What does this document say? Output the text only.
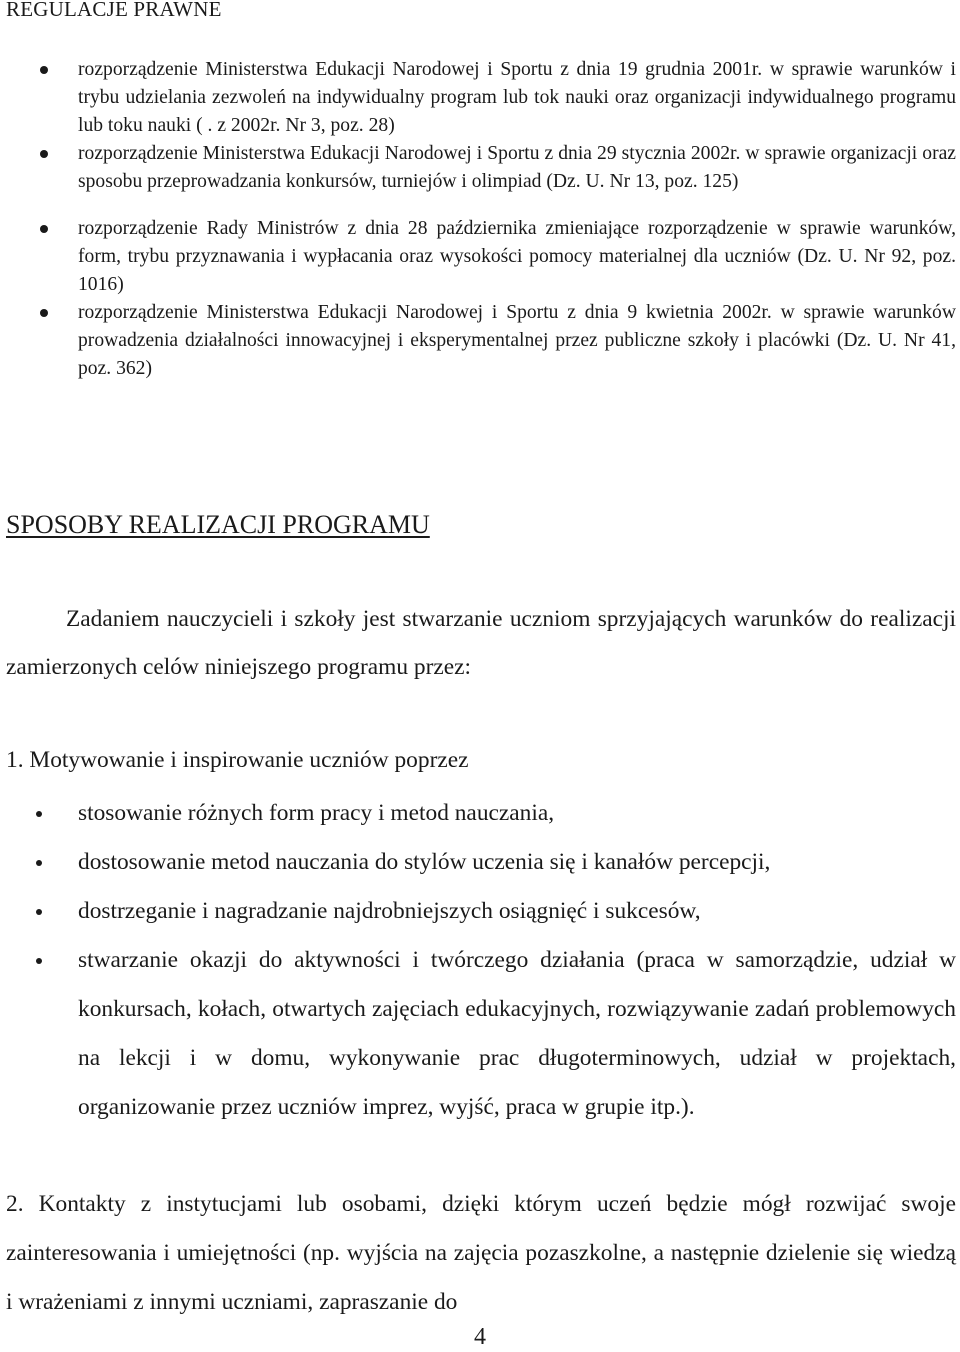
REGULACJE PRAWNE
rozporządzenie Ministerstwa Edukacji Narodowej i Sportu z dnia 19 grudnia 2001r. w sprawie warunków i trybu udzielania zezwoleń na indywidualny program lub tok nauki oraz organizacji indywidualnego programu lub toku nauki ( . z 2002r. Nr 3, poz. 28)
rozporządzenie Ministerstwa Edukacji Narodowej i Sportu z dnia 29 stycznia 2002r. w sprawie organizacji oraz sposobu przeprowadzania konkursów, turniejów i olimpiad (Dz. U. Nr 13, poz. 125)
rozporządzenie Rady Ministrów z dnia 28 października zmieniające rozporządzenie w sprawie warunków, form, trybu przyznawania i wypłacania oraz wysokości pomocy materialnej dla uczniów (Dz. U. Nr 92, poz. 1016)
rozporządzenie Ministerstwa Edukacji Narodowej i Sportu z dnia 9 kwietnia 2002r. w sprawie warunków prowadzenia działalności innowacyjnej i eksperymentalnej przez publiczne szkoły i placówki (Dz. U. Nr 41, poz. 362)
SPOSOBY REALIZACJI PROGRAMU
Zadaniem nauczycieli i szkoły jest stwarzanie uczniom sprzyjających warunków do realizacji zamierzonych celów niniejszego programu przez:
1. Motywowanie i inspirowanie uczniów poprzez
stosowanie różnych form pracy i metod nauczania,
dostosowanie metod nauczania do stylów uczenia się i kanałów percepcji,
dostrzeganie i nagradzanie najdrobniejszych osiągnięć i sukcesów,
stwarzanie okazji do aktywności i twórczego działania (praca w samorządzie, udział w konkursach, kołach, otwartych zajęciach edukacyjnych, rozwiązywanie zadań problemowych na lekcji i w domu, wykonywanie prac długoterminowych, udział w projektach, organizowanie przez uczniów imprez, wyjść, praca w grupie itp.).
2. Kontakty z instytucjami lub osobami, dzięki którym uczeń będzie mógł rozwijać swoje zainteresowania i umiejętności (np. wyjścia na zajęcia pozaszkolne, a następnie dzielenie się wiedzą i wrażeniami z innymi uczniami, zapraszanie do
4
